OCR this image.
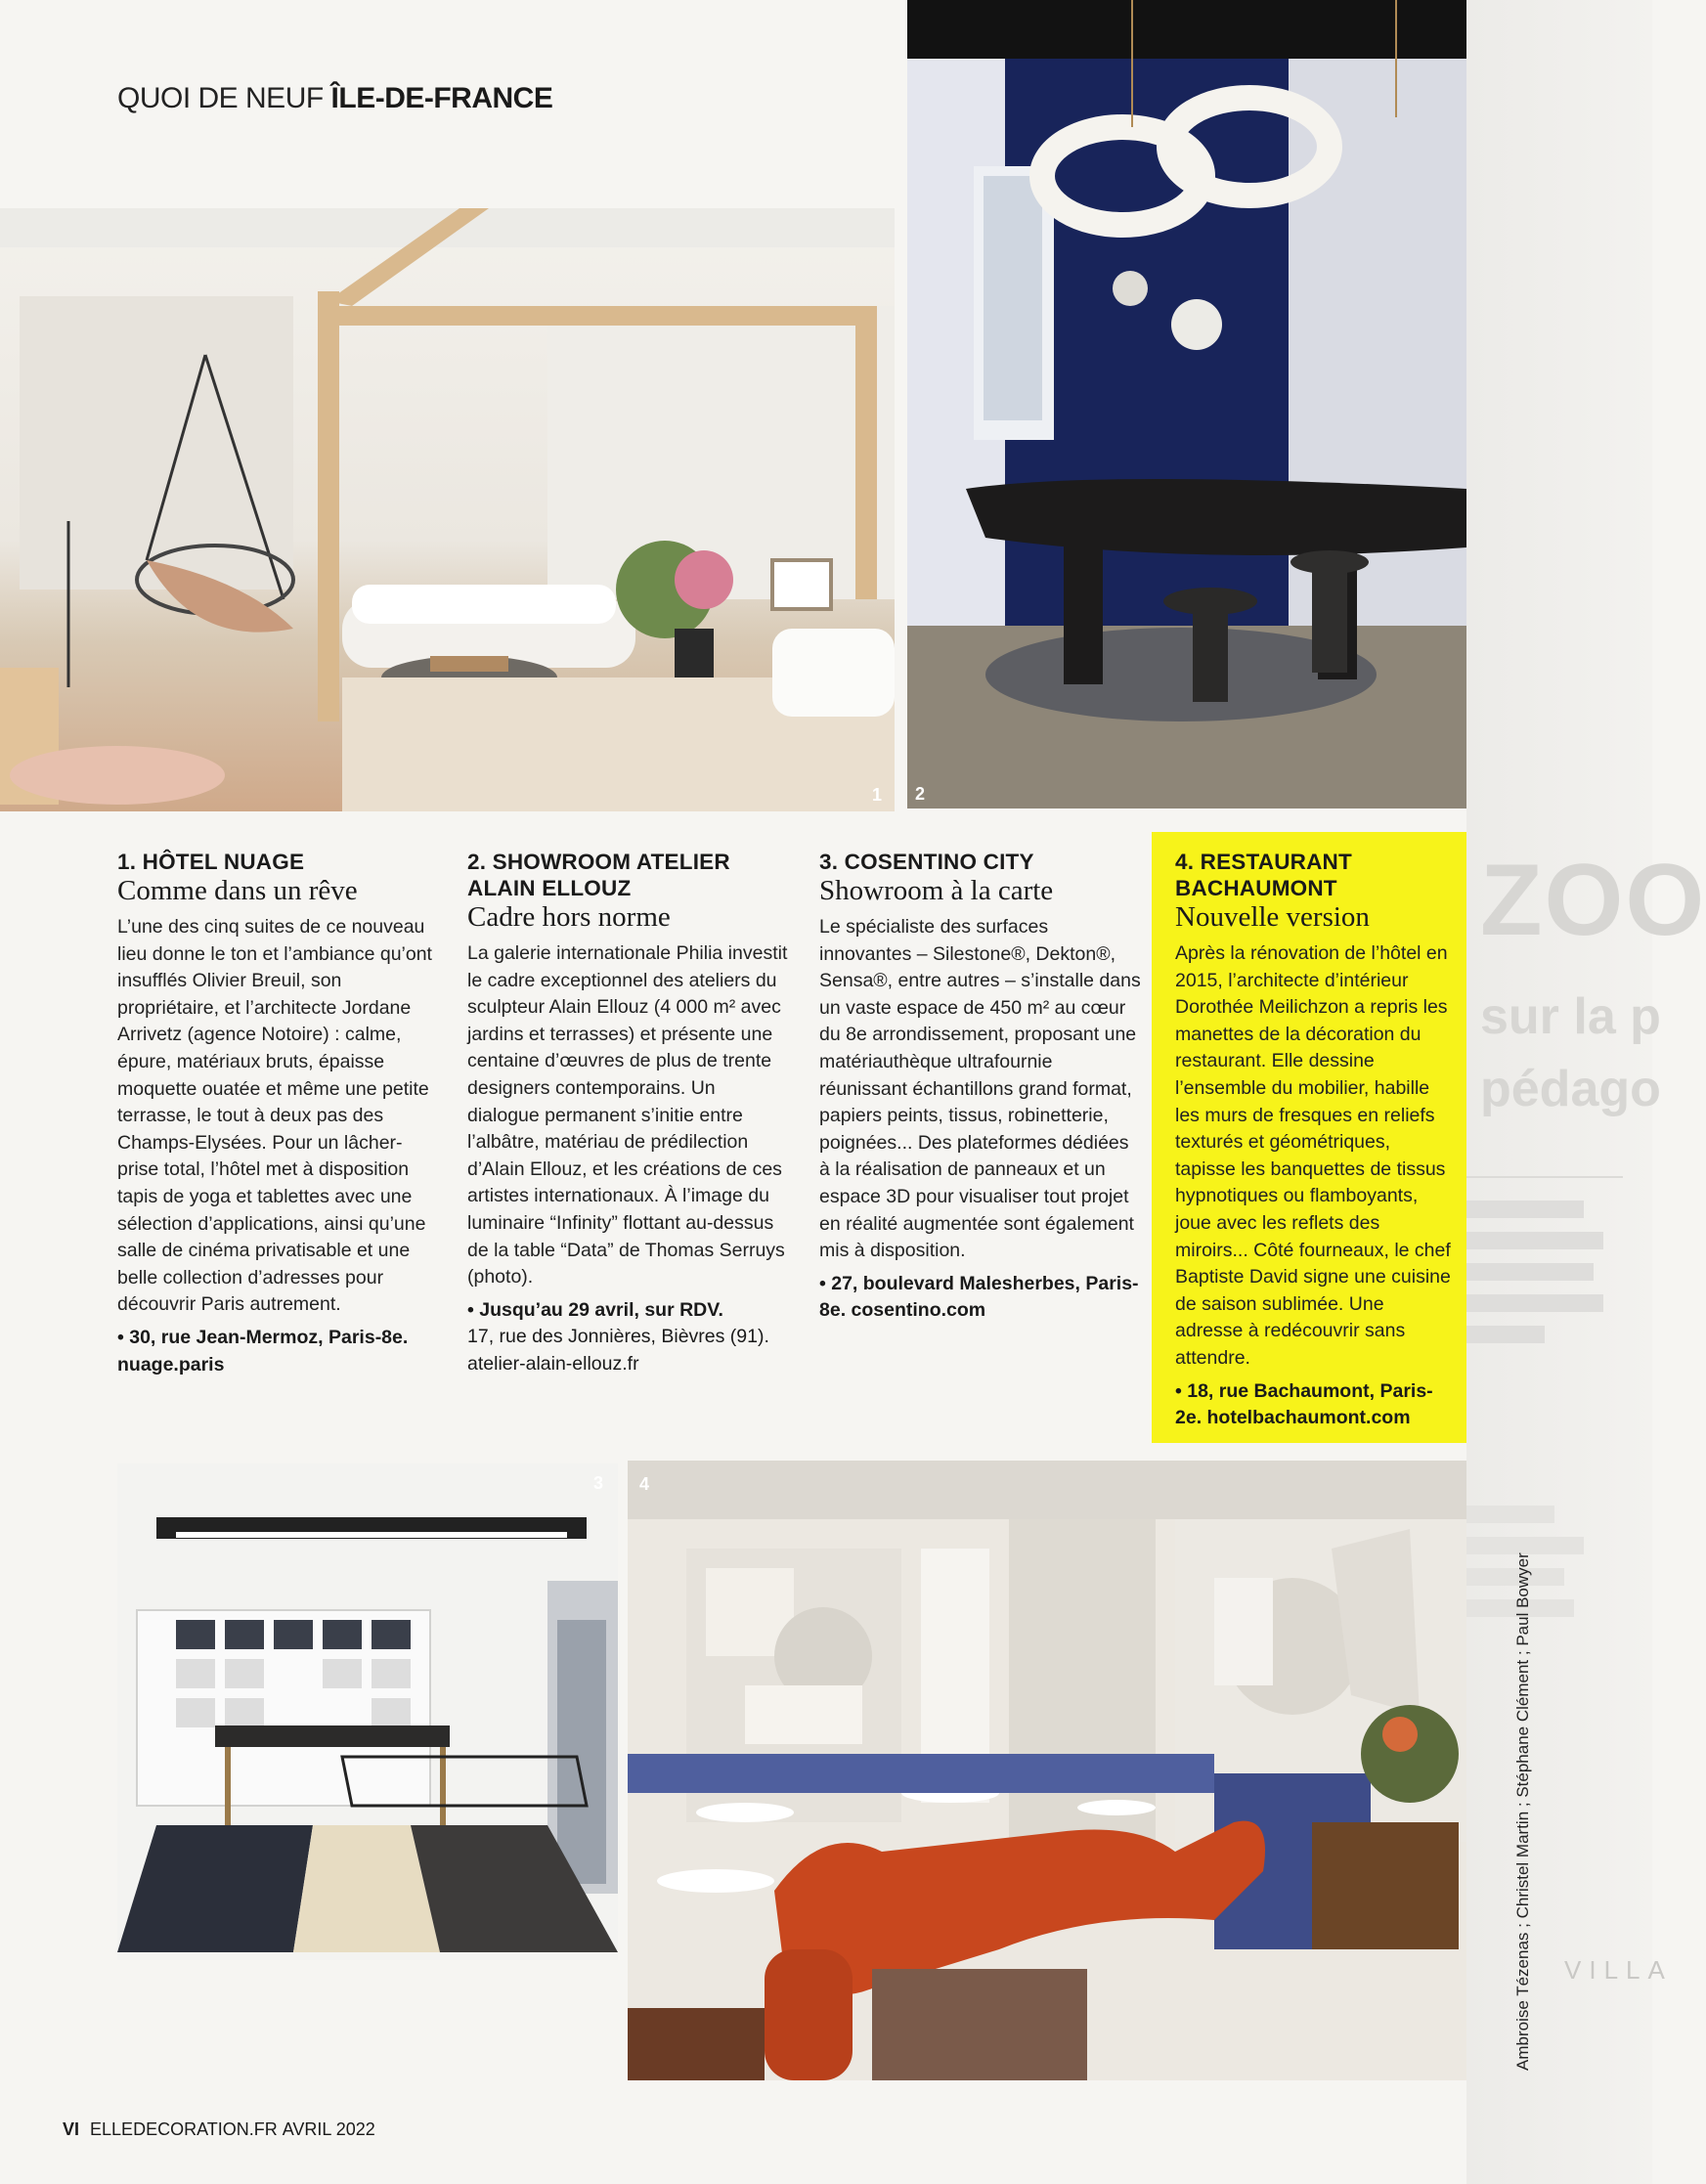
QUOI DE NEUF ÎLE-DE-FRANCE
1 2
1. HÔTEL NUAGE
Comme dans un rêve

L’une des cinq suites de ce nouveau lieu donne le ton et l’ambiance qu’ont insufflés Olivier Breuil, son propriétaire, et l’architecte Jordane Arrivetz (agence Notoire) : calme, épure, matériaux bruts, épaisse moquette ouatée et même une petite terrasse, le tout à deux pas des Champs-Elysées. Pour un lâcher-prise total, l’hôtel met à disposition tapis de yoga et tablettes avec une sélection d’applications, ainsi qu’une salle de cinéma privatisable et une belle collection d’adresses pour découvrir Paris autrement.

• 30, rue Jean-Mermoz, Paris-8e. nuage.paris

2. SHOWROOM ATELIER ALAIN ELLOUZ
Cadre hors norme

La galerie internationale Philia investit le cadre exceptionnel des ateliers du sculpteur Alain Ellouz (4 000 m² avec jardins et terrasses) et présente une centaine d’œuvres de plus de trente designers contemporains. Un dialogue permanent s’initie entre l’albâtre, matériau de prédilection d’Alain Ellouz, et les créations de ces artistes internationaux. À l’image du luminaire “Infinity” flottant au-dessus de la table “Data” de Thomas Serruys (photo).

• Jusqu’au 29 avril, sur RDV.

17, rue des Jonnières, Bièvres (91). atelier-alain-ellouz.fr

3. COSENTINO CITY
Showroom à la carte

Le spécialiste des surfaces innovantes – Silestone®, Dekton®, Sensa®, entre autres – s’installe dans un vaste espace de 450 m² au cœur du 8e arrondissement, proposant une matériauthèque ultrafournie réunissant échantillons grand format, papiers peints, tissus, robinetterie, poignées... Des plateformes dédiées à la réalisation de panneaux et un espace 3D pour visualiser tout projet en réalité augmentée sont également mis à disposition.

• 27, boulevard Malesherbes, Paris-8e. cosentino.com

4. RESTAURANT BACHAUMONT
Nouvelle version

Après la rénovation de l’hôtel en 2015, l’architecte d’intérieur Dorothée Meilichzon a repris les manettes de la décoration du restaurant. Elle dessine l’ensemble du mobilier, habille les murs de fresques en reliefs texturés et géométriques, tapisse les banquettes de tissus hypnotiques ou flamboyants, joue avec les reflets des miroirs... Côté fourneaux, le chef Baptiste David signe une cuisine de saison sublimée. Une adresse à redécouvrir sans attendre.

• 18, rue Bachaumont, Paris-2e. hotelbachaumont.com

3 4
ZOO
sur la p
pédago
VILLA
Ambroise Tézenas ; Christel Martin ; Stéphane Clément ; Paul Bowyer
VI ELLEDECORATION.FR AVRIL 2022
